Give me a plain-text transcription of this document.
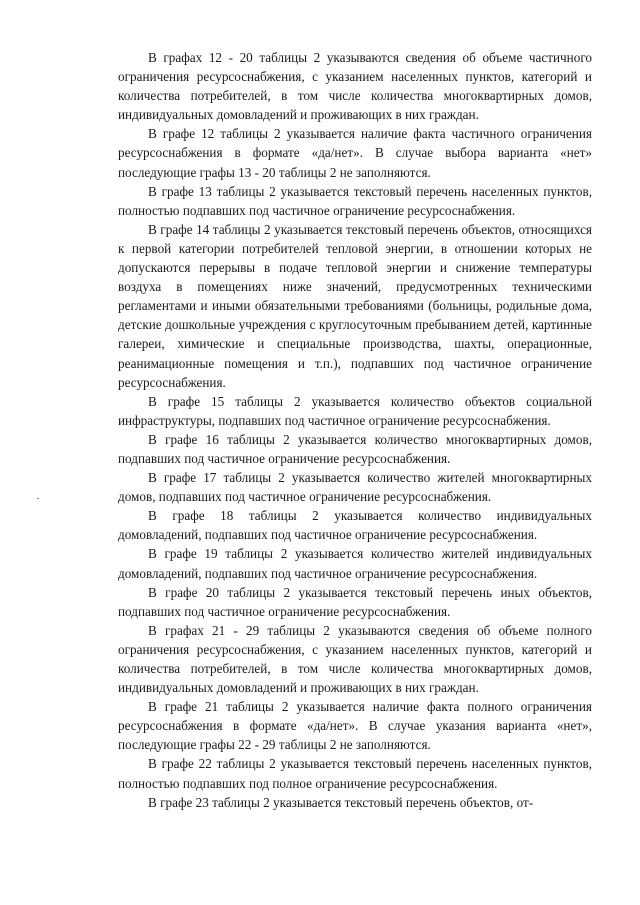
В графах 12 - 20 таблицы 2 указываются сведения об объеме частичного ограничения ресурсоснабжения, с указанием населенных пунктов, категорий и количества потребителей, в том числе количества многоквартирных домов, индивидуальных домовладений и проживающих в них граждан.

В графе 12 таблицы 2 указывается наличие факта частичного ограничения ресурсоснабжения в формате «да/нет». В случае выбора варианта «нет» последующие графы 13 - 20 таблицы 2 не заполняются.

В графе 13 таблицы 2 указывается текстовый перечень населенных пунктов, полностью подпавших под частичное ограничение ресурсоснабжения.

В графе 14 таблицы 2 указывается текстовый перечень объектов, относящихся к первой категории потребителей тепловой энергии, в отношении которых не допускаются перерывы в подаче тепловой энергии и снижение температуры воздуха в помещениях ниже значений, предусмотренных техническими регламентами и иными обязательными требованиями (больницы, родильные дома, детские дошкольные учреждения с круглосуточным пребыванием детей, картинные галереи, химические и специальные производства, шахты, операционные, реанимационные помещения и т.п.), подпавших под частичное ограничение ресурсоснабжения.

В графе 15 таблицы 2 указывается количество объектов социальной инфраструктуры, подпавших под частичное ограничение ресурсоснабжения.

В графе 16 таблицы 2 указывается количество многоквартирных домов, подпавших под частичное ограничение ресурсоснабжения.

В графе 17 таблицы 2 указывается количество жителей многоквартирных домов, подпавших под частичное ограничение ресурсоснабжения.

В графе 18 таблицы 2 указывается количество индивидуальных домовладений, подпавших под частичное ограничение ресурсоснабжения.

В графе 19 таблицы 2 указывается количество жителей индивидуальных домовладений, подпавших под частичное ограничение ресурсоснабжения.

В графе 20 таблицы 2 указывается текстовый перечень иных объектов, подпавших под частичное ограничение ресурсоснабжения.

В графах 21 - 29 таблицы 2 указываются сведения об объеме полного ограничения ресурсоснабжения, с указанием населенных пунктов, категорий и количества потребителей, в том числе количества многоквартирных домов, индивидуальных домовладений и проживающих в них граждан.

В графе 21 таблицы 2 указывается наличие факта полного ограничения ресурсоснабжения в формате «да/нет». В случае указания варианта «нет», последующие графы 22 - 29 таблицы 2 не заполняются.

В графе 22 таблицы 2 указывается текстовый перечень населенных пунктов, полностью подпавших под полное ограничение ресурсоснабжения.

В графе 23 таблицы 2 указывается текстовый перечень объектов, от-
